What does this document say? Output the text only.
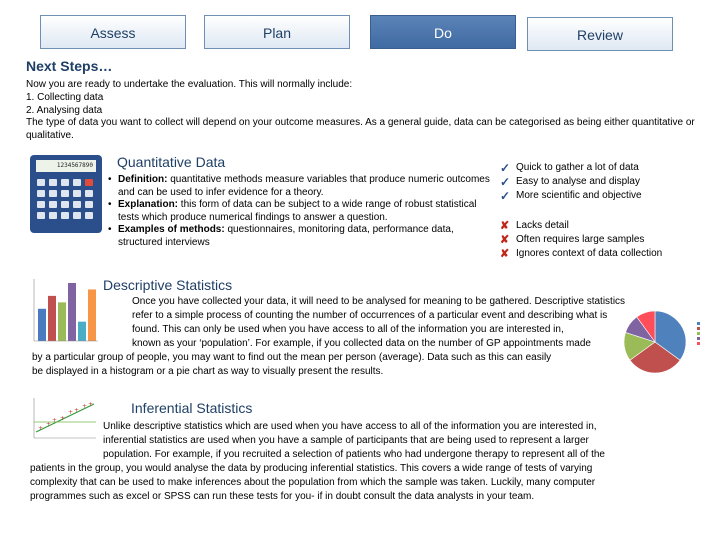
Assess	Plan	Do	Review
Next Steps…
Now you are ready to undertake the evaluation. This will normally include:
1. Collecting data
2. Analysing data
The type of data you want to collect will depend on your outcome measures. As a general guide, data can be categorised as being either quantitative or qualitative.
1234567890 Quantitative Data
• Definition: quantitative methods measure variables that produce numeric outcomes and can be used to infer evidence for a theory.
• Explanation: this form of data can be subject to a wide range of robust statistical tests which produce numerical findings to answer a question.
• Examples of methods: questionnaires, monitoring data, performance data, structured interviews
✓ Quick to gather a lot of data
✓ Easy to analyse and display
✓ More scientific and objective
✘ Lacks detail
✘ Often requires large samples
✘ Ignores context of data collection
Descriptive Statistics
Once you have collected your data, it will need to be analysed for meaning to be gathered. Descriptive statistics
refer to a simple process of counting the number of occurrences of a particular event and describing what is
found. This can only be used when you have access to all of the information you are interested in,
known as your ‘population’. For example, if you collected data on the number of GP appointments made
by a particular group of people, you may want to find out the mean per person (average). Data such as this can easily
be displayed in a histogram or a pie chart as way to visually present the results.
+
+
+ +
+ +
+ +	Inferential Statistics
Unlike descriptive statistics which are used when you have access to all of the information you are interested in,
inferential statistics are used when you have a sample of participants that are being used to represent a larger
population. For example, if you recruited a selection of patients who had undergone therapy to represent all of the
patients in the group, you would analyse the data by producing inferential statistics. This covers a wide range of tests of varying
complexity that can be used to make inferences about the population from which the sample was taken. Luckily, many computer
programmes such as excel or SPSS can run these tests for you- if in doubt consult the data analysts in your team.
